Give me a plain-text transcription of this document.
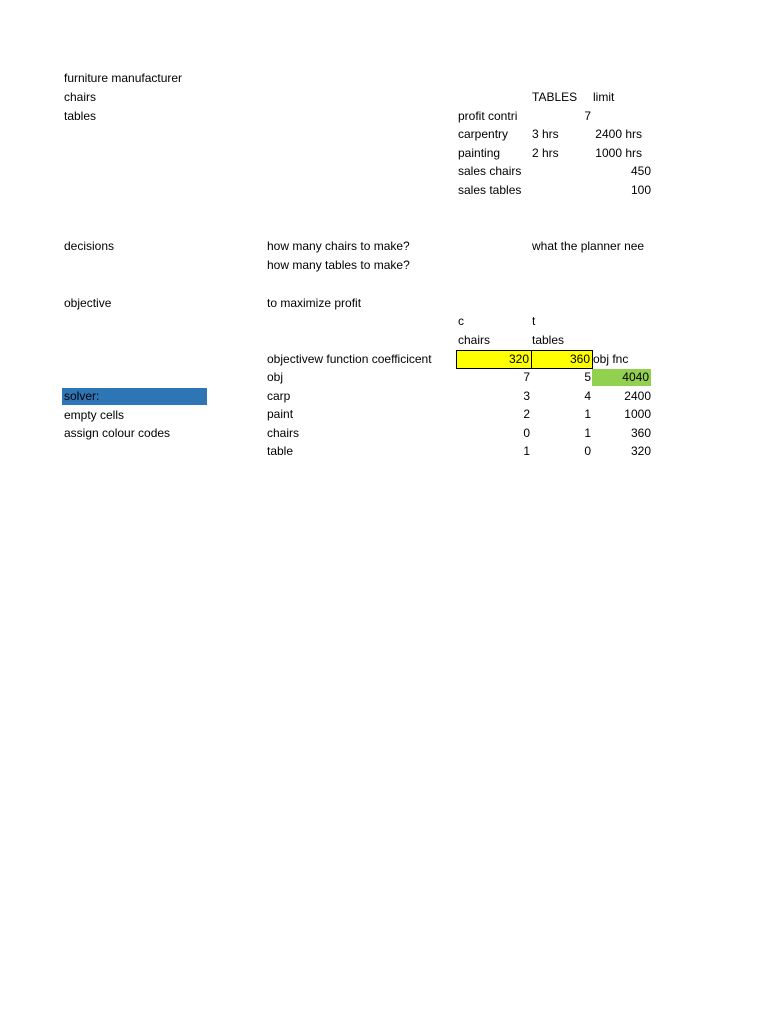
furniture manufacturer
chairs
tables
TABLES	limit
profit contri	7
carpentry	3 hrs	2400 hrs
painting	2 hrs	1000 hrs
sales chairs	450
sales tables	100
decisions	how many chairs to make?
how many tables to make?
what the planner nee
objective	to maximize profit
c	t
chairs	tables
objectivew function coefficicent	320	360 obj fnc
obj	7	5	4040
carp	3	4	2400
paint	2	1	1000
chairs	0	1	360
table	1	0	320
solver:
empty cells
assign colour codes
